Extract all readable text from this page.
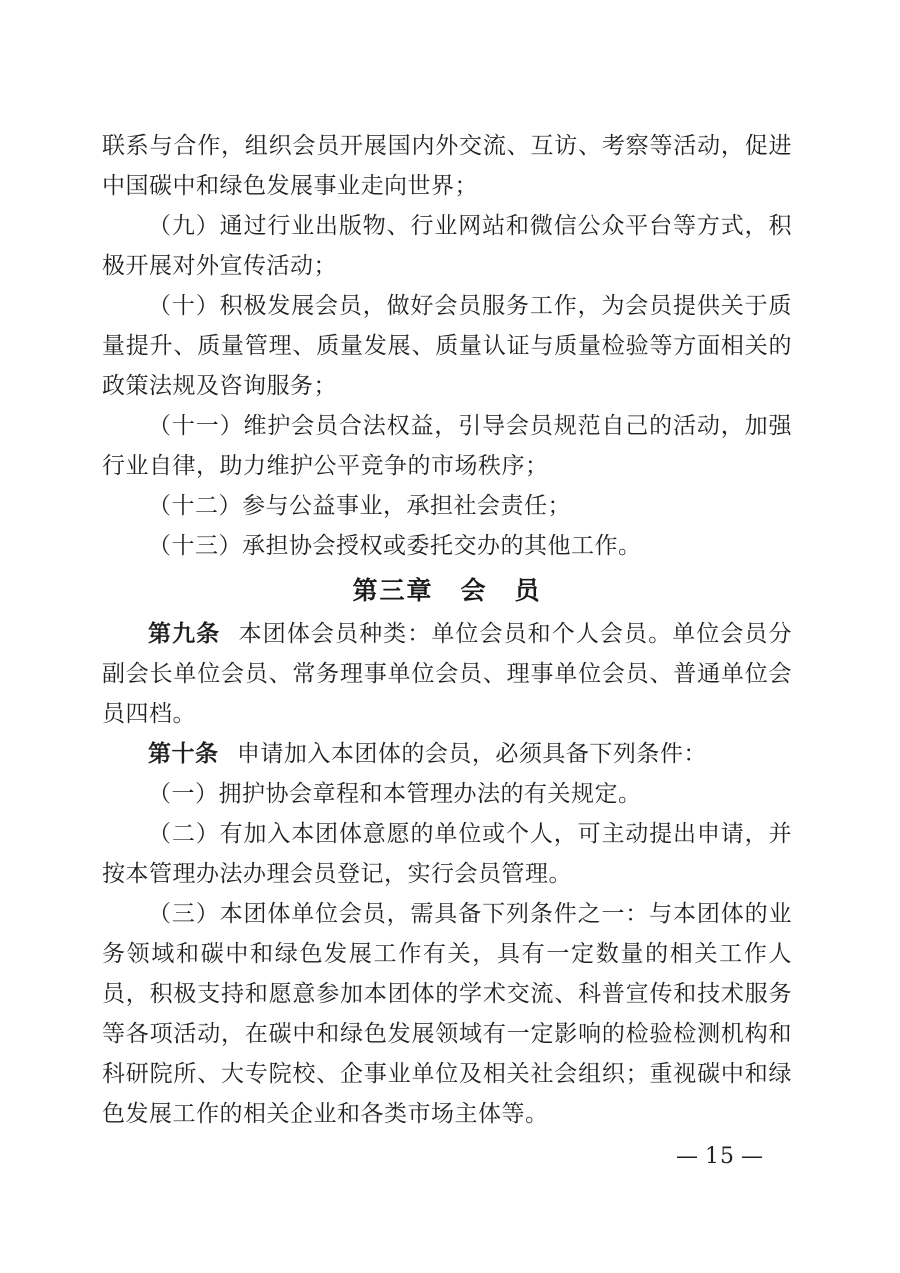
联系与合作，组织会员开展国内外交流、互访、考察等活动，促进中国碳中和绿色发展事业走向世界；

（九）通过行业出版物、行业网站和微信公众平台等方式，积极开展对外宣传活动；

（十）积极发展会员，做好会员服务工作，为会员提供关于质量提升、质量管理、质量发展、质量认证与质量检验等方面相关的政策法规及咨询服务；

（十一）维护会员合法权益，引导会员规范自己的活动，加强行业自律，助力维护公平竞争的市场秩序；

（十二）参与公益事业，承担社会责任；

（十三）承担协会授权或委托交办的其他工作。

第三章　会　员

第九条 本团体会员种类：单位会员和个人会员。单位会员分副会长单位会员、常务理事单位会员、理事单位会员、普通单位会员四档。

第十条 申请加入本团体的会员，必须具备下列条件：

（一）拥护协会章程和本管理办法的有关规定。

（二）有加入本团体意愿的单位或个人，可主动提出申请，并按本管理办法办理会员登记，实行会员管理。

（三）本团体单位会员，需具备下列条件之一：与本团体的业务领域和碳中和绿色发展工作有关，具有一定数量的相关工作人员，积极支持和愿意参加本团体的学术交流、科普宣传和技术服务等各项活动，在碳中和绿色发展领域有一定影响的检验检测机构和科研院所、大专院校、企事业单位及相关社会组织；重视碳中和绿色发展工作的相关企业和各类市场主体等。

— 15 —
